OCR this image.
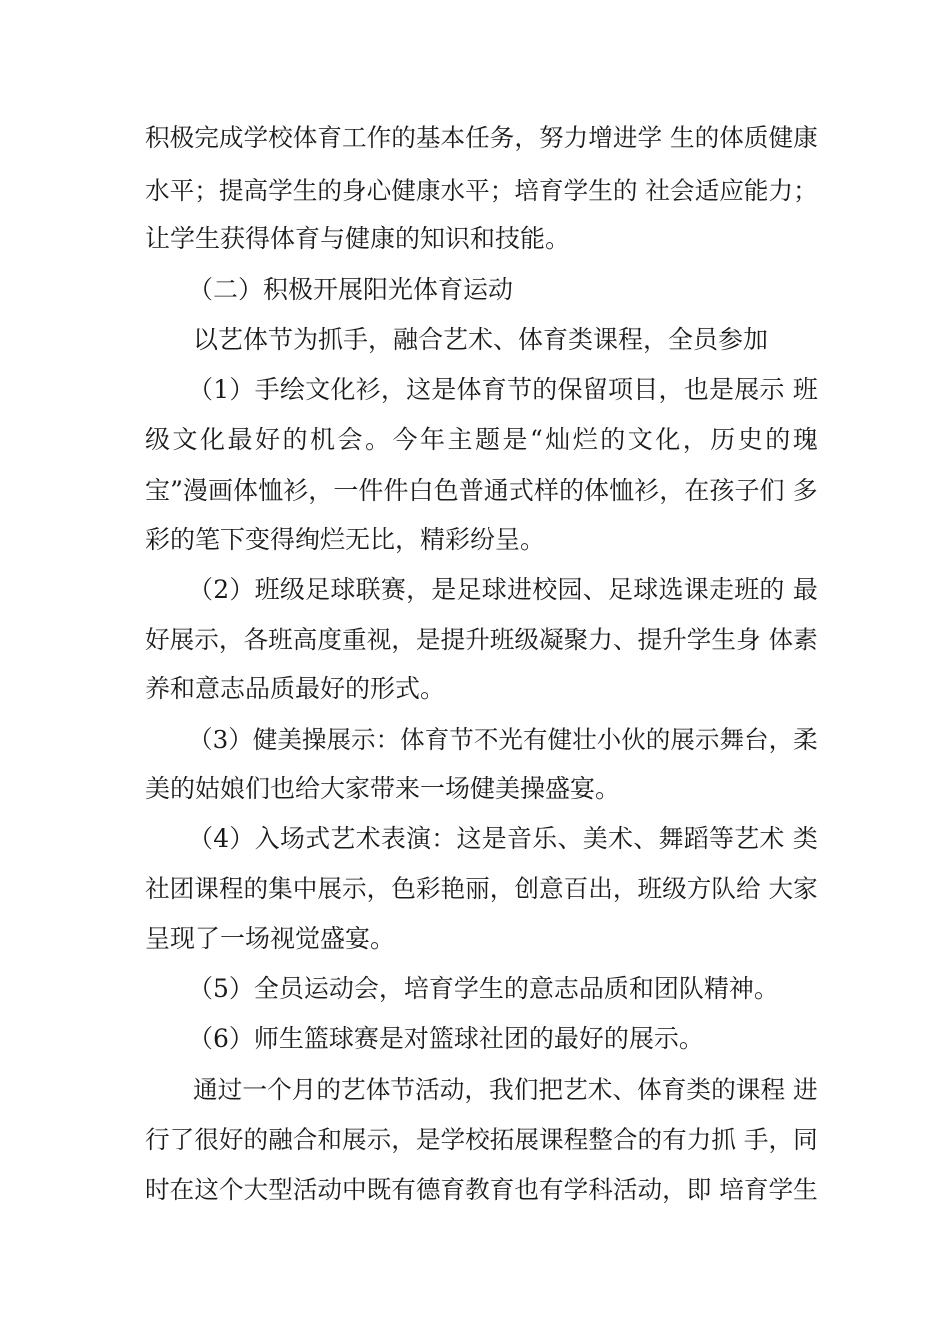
积极完成学校体育工作的基本任务，努力增进学 生的体质健康
水平；提高学生的身心健康水平；培育学生的 社会适应能力；
让学生获得体育与健康的知识和技能。
（二）积极开展阳光体育运动
以艺体节为抓手，融合艺术、体育类课程，全员参加
（1）手绘文化衫，这是体育节的保留项目，也是展示 班
级文化最好的机会。今年主题是“灿烂的文化，历史的瑰
宝”漫画体恤衫，一件件白色普通式样的体恤衫，在孩子们 多
彩的笔下变得绚烂无比，精彩纷呈。
（2）班级足球联赛，是足球进校园、足球选课走班的 最
好展示，各班高度重视，是提升班级凝聚力、提升学生身 体素
养和意志品质最好的形式。
（3）健美操展示：体育节不光有健壮小伙的展示舞台，柔
美的姑娘们也给大家带来一场健美操盛宴。
（4）入场式艺术表演：这是音乐、美术、舞蹈等艺术 类
社团课程的集中展示，色彩艳丽，创意百出，班级方队给 大家
呈现了一场视觉盛宴。
（5）全员运动会，培育学生的意志品质和团队精神。
（6）师生篮球赛是对篮球社团的最好的展示。
通过一个月的艺体节活动，我们把艺术、体育类的课程 进
行了很好的融合和展示，是学校拓展课程整合的有力抓 手，同
时在这个大型活动中既有德育教育也有学科活动，即 培育学生
